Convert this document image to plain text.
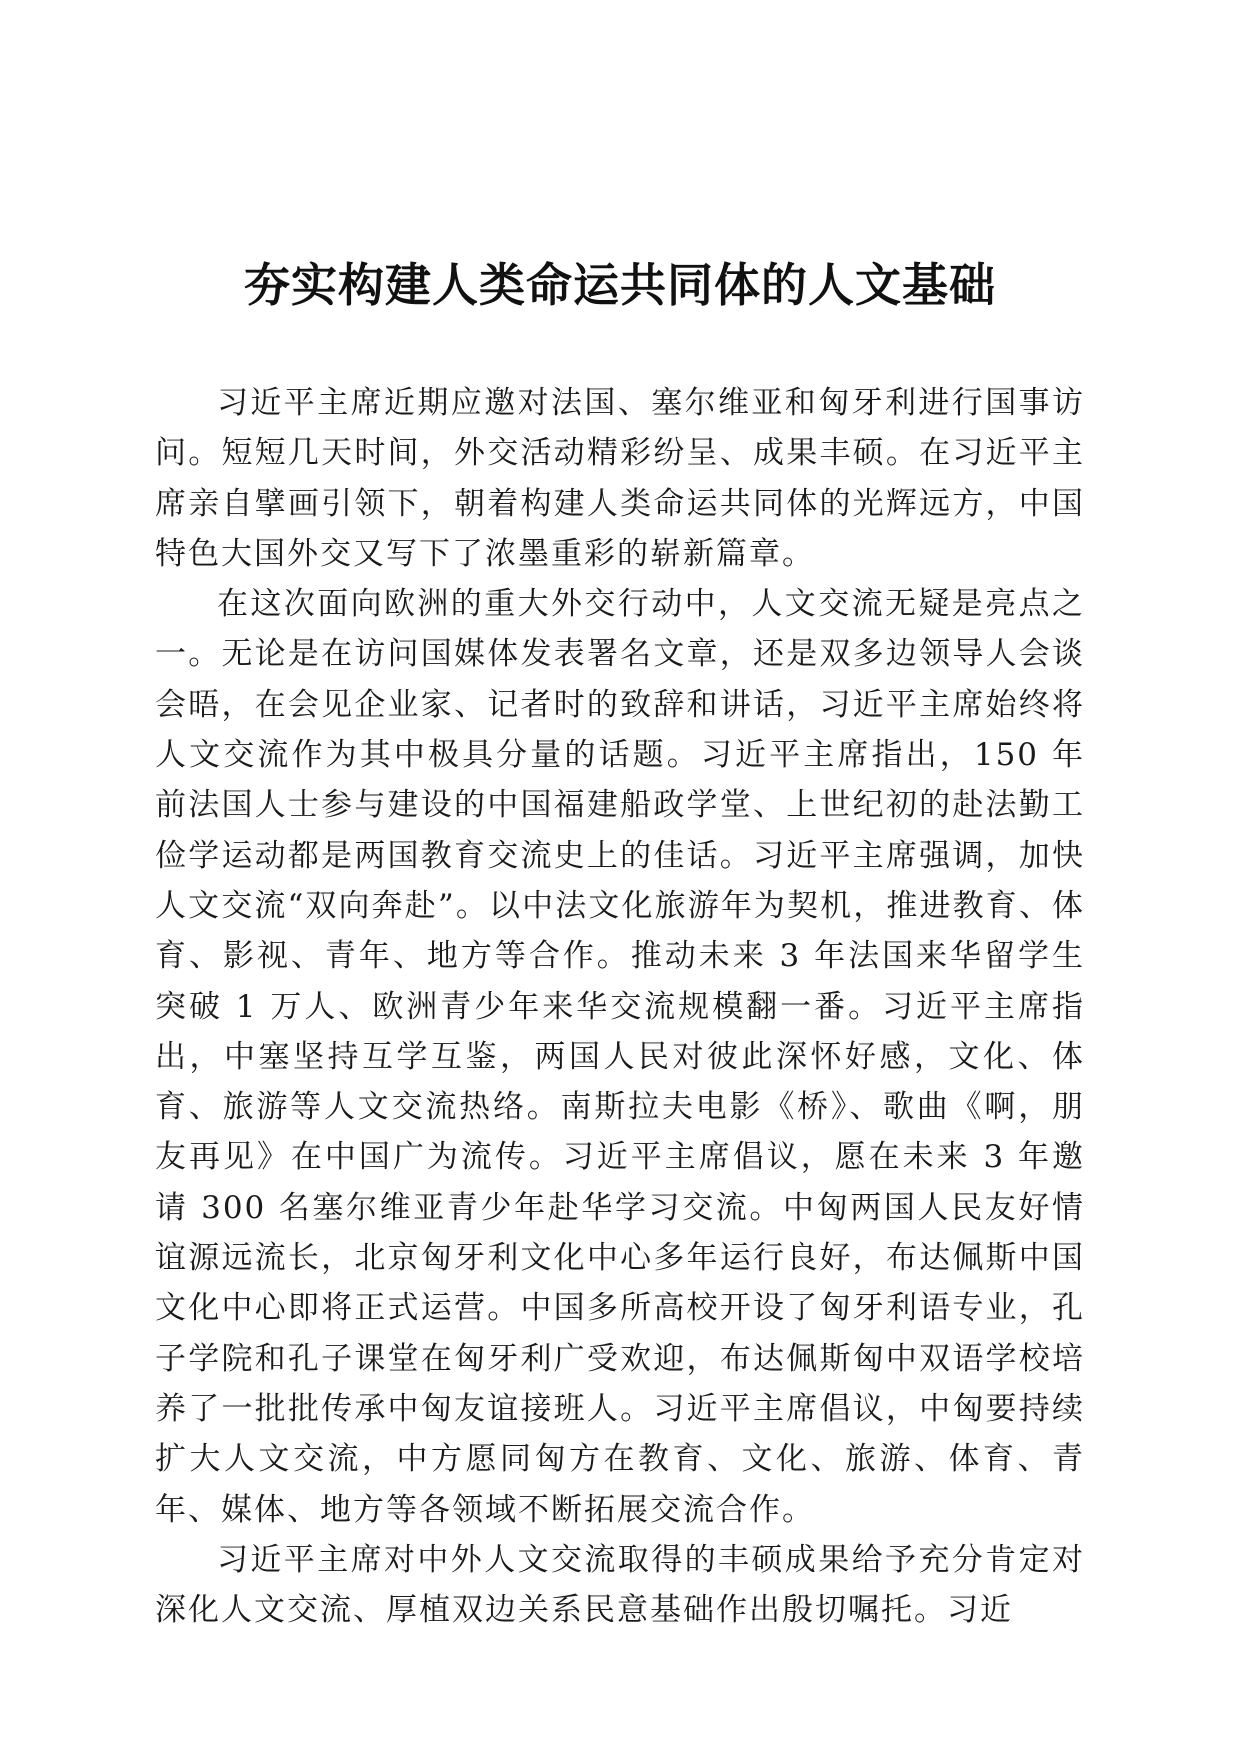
夯实构建人类命运共同体的人文基础

习近平主席近期应邀对法国、塞尔维亚和匈牙利进行国事访问。短短几天时间，外交活动精彩纷呈、成果丰硕。在习近平主席亲自擘画引领下，朝着构建人类命运共同体的光辉远方，中国特色大国外交又写下了浓墨重彩的崭新篇章。

在这次面向欧洲的重大外交行动中，人文交流无疑是亮点之一。无论是在访问国媒体发表署名文章，还是双多边领导人会谈会晤，在会见企业家、记者时的致辞和讲话，习近平主席始终将人文交流作为其中极具分量的话题。习近平主席指出，150 年前法国人士参与建设的中国福建船政学堂、上世纪初的赴法勤工俭学运动都是两国教育交流史上的佳话。习近平主席强调，加快人文交流“双向奔赴”。以中法文化旅游年为契机，推进教育、体育、影视、青年、地方等合作。推动未来 3 年法国来华留学生突破 1 万人、欧洲青少年来华交流规模翻一番。习近平主席指出，中塞坚持互学互鉴，两国人民对彼此深怀好感，文化、体育、旅游等人文交流热络。南斯拉夫电影《桥》、歌曲《啊，朋友再见》在中国广为流传。习近平主席倡议，愿在未来 3 年邀请 300 名塞尔维亚青少年赴华学习交流。中匈两国人民友好情谊源远流长，北京匈牙利文化中心多年运行良好，布达佩斯中国文化中心即将正式运营。中国多所高校开设了匈牙利语专业，孔子学院和孔子课堂在匈牙利广受欢迎，布达佩斯匈中双语学校培养了一批批传承中匈友谊接班人。习近平主席倡议，中匈要持续扩大人文交流，中方愿同匈方在教育、文化、旅游、体育、青年、媒体、地方等各领域不断拓展交流合作。

习近平主席对中外人文交流取得的丰硕成果给予充分肯定对深化人文交流、厚植双边关系民意基础作出殷切嘱托。习近
